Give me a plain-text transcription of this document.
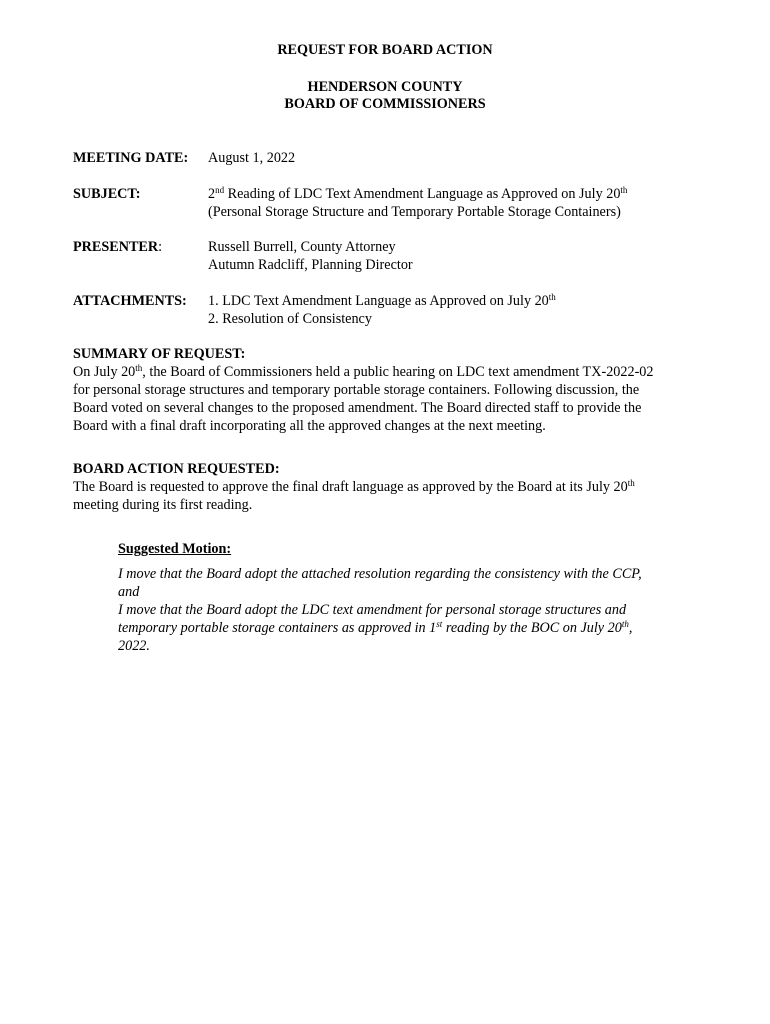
REQUEST FOR BOARD ACTION
HENDERSON COUNTY
BOARD OF COMMISSIONERS
MEETING DATE: August 1, 2022
SUBJECT:	2nd Reading of LDC Text Amendment Language as Approved on July 20th
(Personal Storage Structure and Temporary Portable Storage Containers)
PRESENTER:	Russell Burrell, County Attorney
Autumn Radcliff, Planning Director
ATTACHMENTS: 1. LDC Text Amendment Language as Approved on July 20th
2. Resolution of Consistency
SUMMARY OF REQUEST:
On July 20th, the Board of Commissioners held a public hearing on LDC text amendment TX-2022-02
for personal storage structures and temporary portable storage containers. Following discussion, the
Board voted on several changes to the proposed amendment. The Board directed staff to provide the
Board with a final draft incorporating all the approved changes at the next meeting.
BOARD ACTION REQUESTED:
The Board is requested to approve the final draft language as approved by the Board at its July 20th
meeting during its first reading.
Suggested Motion:
I move that the Board adopt the attached resolution regarding the consistency with the CCP,
and
I move that the Board adopt the LDC text amendment for personal storage structures and
temporary portable storage containers as approved in 1st reading by the BOC on July 20th,
2022.
